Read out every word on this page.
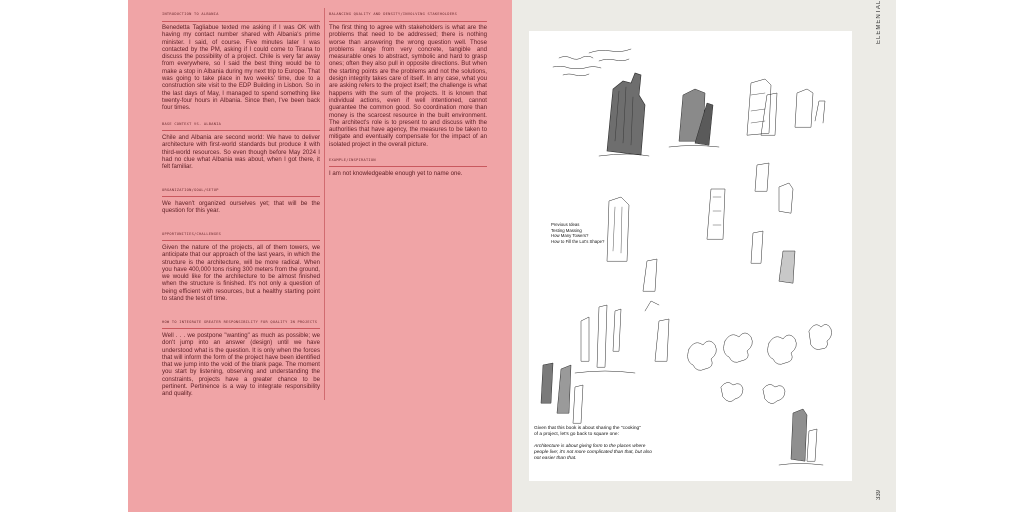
INTRODUCTION TO ALBANIA

Benedetta Tagliabue texted me asking if I was OK with having my contact number shared with Albania's prime minister. I said, of course. Five minutes later I was contacted by the PM, asking if I could come to Tirana to discuss the possibility of a project. Chile is very far away from everywhere, so I said the best thing would be to make a stop in Albania during my next trip to Europe. That was going to take place in two weeks' time, due to a construction site visit to the EDP Building in Lisbon. So in the last days of May, I managed to spend something like twenty-four hours in Albania. Since then, I've been back four times.

BASE CONTEXT VS. ALBANIA

Chile and Albania are second world: We have to deliver architecture with first-world standards but produce it with third-world resources. So even though before May 2024 I had no clue what Albania was about, when I got there, it felt familiar.

ORGANIZATION/GOAL/SETUP

We haven't organized ourselves yet; that will be the question for this year.

OPPORTUNITIES/CHALLENGES

Given the nature of the projects, all of them towers, we anticipate that our approach of the last years, in which the structure is the architecture, will be more radical. When you have 400,000 tons rising 300 meters from the ground, we would like for the architecture to be almost finished when the structure is finished. It's not only a question of being efficient with resources, but a healthy starting point to stand the test of time.

HOW TO INTEGRATE GREATER RESPONSIBILITY FOR QUALITY IN PROJECTS

Well . . . we postpone "wanting" as much as possible; we don't jump into an answer (design) until we have understood what is the question. It is only when the forces that will inform the form of the project have been identified that we jump into the void of the blank page. The moment you start by listening, observing and understanding the constraints, projects have a greater chance to be pertinent. Pertinence is a way to integrate responsibility and quality.

BALANCING QUALITY AND DENSITY/INVOLVING STAKEHOLDERS

The first thing to agree with stakeholders is what are the problems that need to be addressed; there is nothing worse than answering the wrong question well. Those problems range from very concrete, tangible and measurable ones to abstract, symbolic and hard to grasp ones; often they also pull in opposite directions. But when the starting points are the problems and not the solutions, design integrity takes care of itself. In any case, what you are asking refers to the project itself; the challenge is what happens with the sum of the projects. It is known that individual actions, even if well intentioned, cannot guarantee the common good. So coordination more than money is the scarcest resource in the built environment. The architect's role is to present to and discuss with the authorities that have agency, the measures to be taken to mitigate and eventually compensate for the impact of an isolated project in the overall picture.

EXAMPLE/INSPIRATION

I am not knowledgeable enough yet to name one.

Previous Ideas
Testing Massing
How Many Towers?
How to Fill the Lot's Shape?

Given that this book is about sharing the "cooking"
of a project, let's go back to square one:

Architecture is about giving form to the places where
people live; it's not more complicated than that, but also
not easier than that.

ELEMENTAL
339
